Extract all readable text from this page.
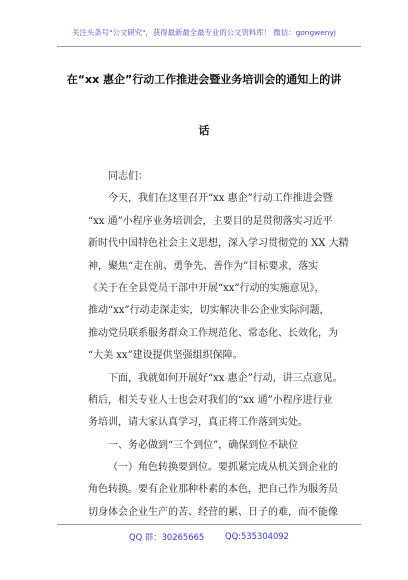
关注头条号"公文研究"，获得最新最全最专业的公文资料库！ 微信：gongwenyj
在“xx 惠企”行动工作推进会暨业务培训会的通知上的讲
话
同志们：
今天，我们在这里召开“xx 惠企”行动工作推进会暨
“xx 通”小程序业务培训会，主要目的是贯彻落实习近平
新时代中国特色社会主义思想，深入学习贯彻党的 XX 大精
神，聚焦“走在前、勇争先、善作为”目标要求，落实
《关于在全县党员干部中开展“xx”行动的实施意见》，
推动“xx”行动走深走实，切实解决非公企业实际问题，
推动党员联系服务群众工作规范化、常态化、长效化，为
“大美 xx”建设提供坚强组织保障。
下面，我就如何开展好“xx 惠企”行动，讲三点意见。
稍后，相关专业人士也会对我们的“xx 通”小程序进行业
务培训，请大家认真学习，真正将工作落到实处。
一、务必做到“三个到位”，确保到位不缺位
（一）角色转换要到位。要抓紧完成从机关到企业的
角色转换。要有企业那种朴素的本色，把自己作为服务员
切身体会企业生产的苦、经营的累、日子的难，而不能像
QQ 群：30265665 QQ:535304092
